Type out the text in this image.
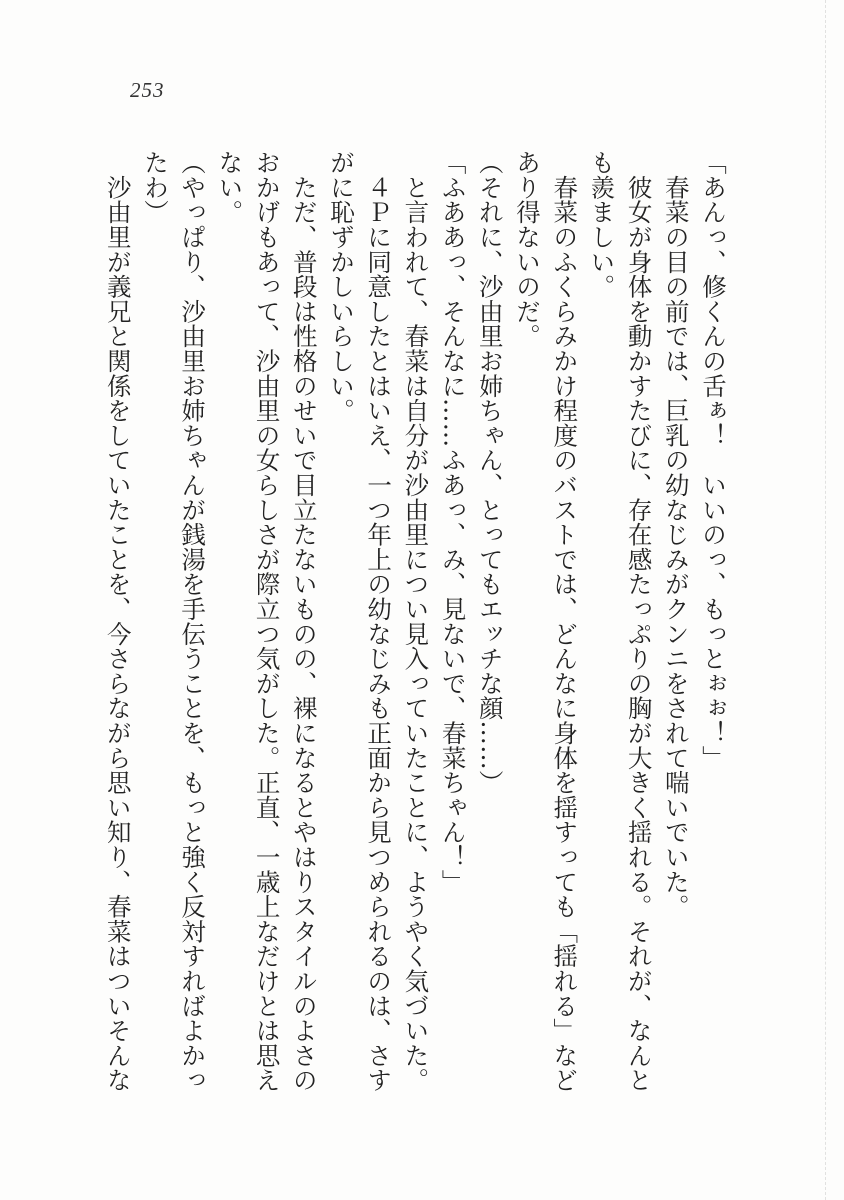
253
「あんっ、修くんの舌ぁ！　いいのっ、もっとぉぉ！」
　春菜の目の前では、巨乳の幼なじみがクンニをされて喘いでいた。
　彼女が身体を動かすたびに、存在感たっぷりの胸が大きく揺れる。それが、なんと
も羨ましい。
　春菜のふくらみかけ程度のバストでは、どんなに身体を揺すっても「揺れる」など
あり得ないのだ。
（それに、沙由里お姉ちゃん、とってもエッチな顔……）
「ふああっ、そんなに……ふあっ、み、見ないで、春菜ちゃん！」
　と言われて、春菜は自分が沙由里につい見入っていたことに、ようやく気づいた。
　４Ｐに同意したとはいえ、一つ年上の幼なじみも正面から見つめられるのは、さす
がに恥ずかしいらしい。
　ただ、普段は性格のせいで目立たないものの、裸になるとやはりスタイルのよさの
おかげもあって、沙由里の女らしさが際立つ気がした。正直、一歳上なだけとは思え
ない。
（やっぱり、沙由里お姉ちゃんが銭湯を手伝うことを、もっと強く反対すればよかっ
たわ）
　沙由里が義兄と関係をしていたことを、今さらながら思い知り、春菜はついそんな
